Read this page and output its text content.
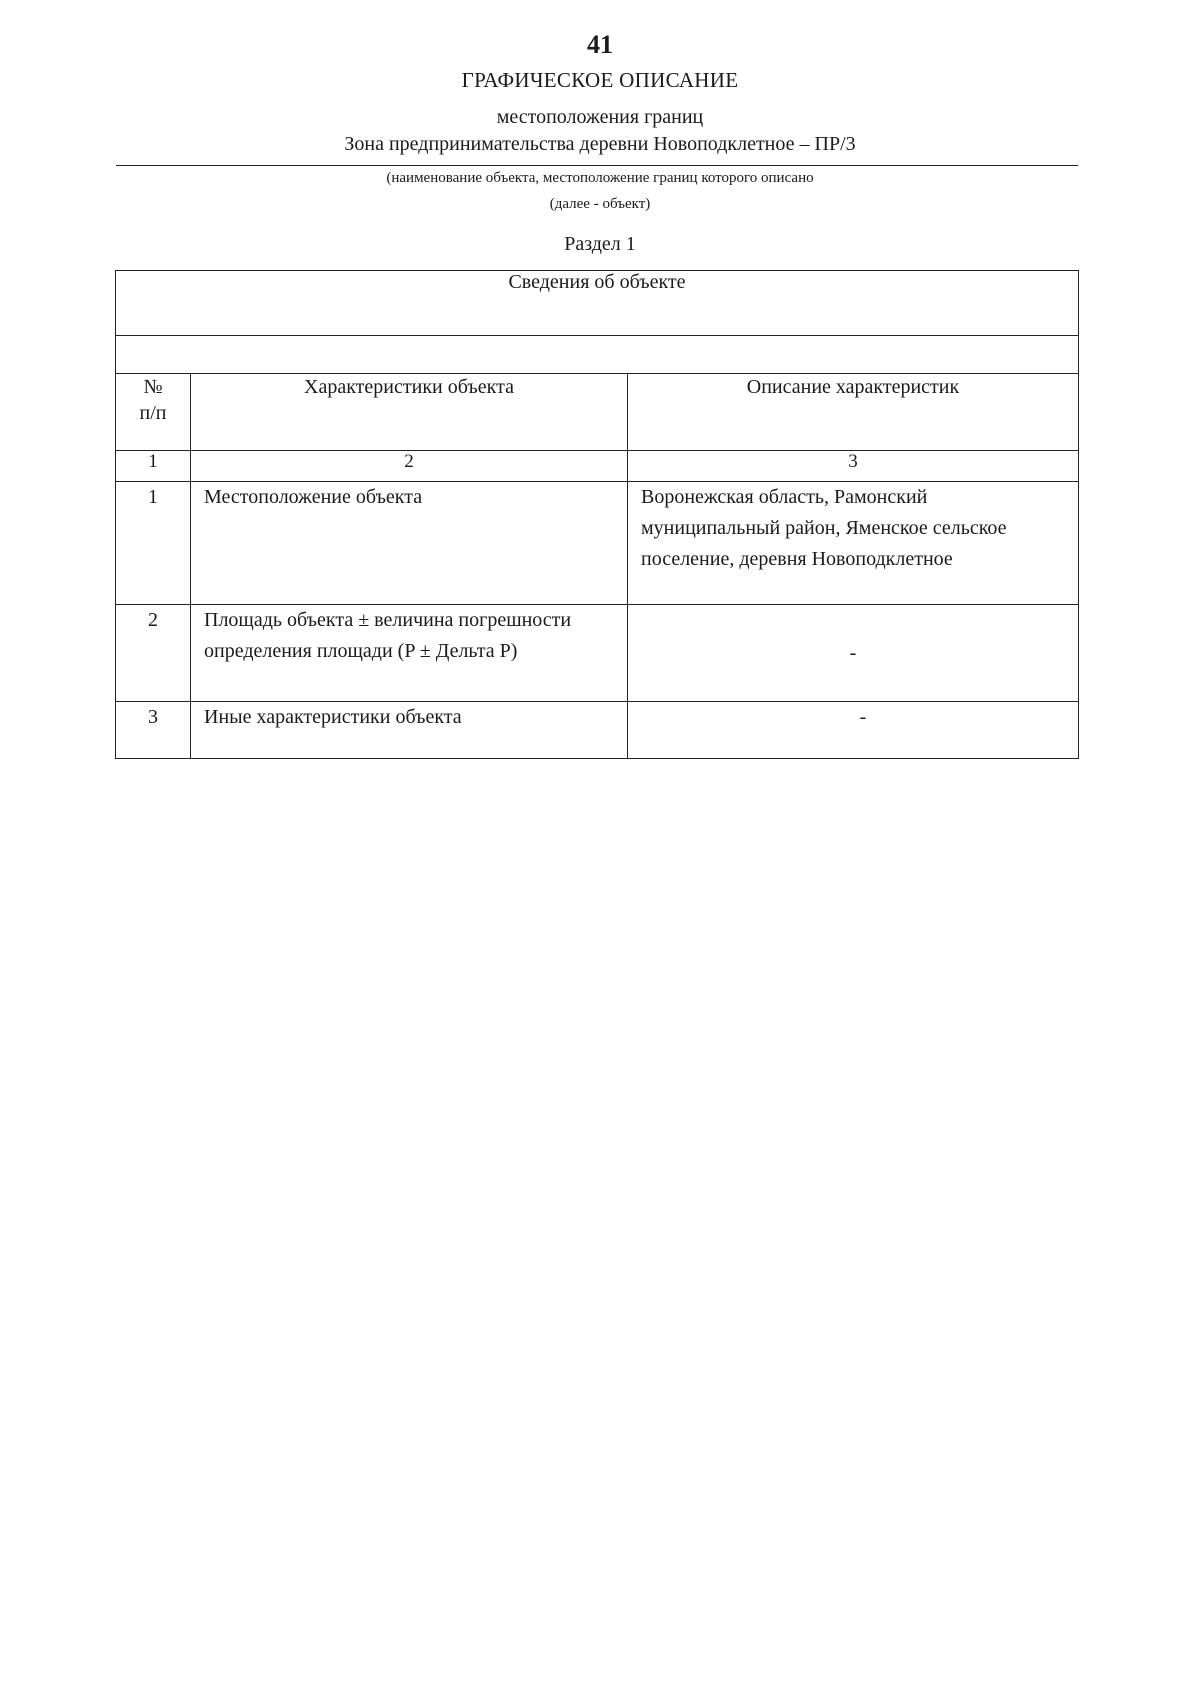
41
ГРАФИЧЕСКОЕ ОПИСАНИЕ
местоположения границ
Зона предпринимательства деревни Новоподклетное – ПР/3
(наименование объекта, местоположение границ которого описано
(далее - объект)
Раздел 1
Сведения об объекте		

№
п/п	Характеристики объекта	Описание характеристик
1	2	3
1	Местоположение объекта	Воронежская область, Рамонский муниципальный район, Яменское сельское поселение, деревня Новоподклетное
2	Площадь объекта ± величина погрешности определения площади (P ± Дельта P)	-
3	Иные характеристики объекта	-
